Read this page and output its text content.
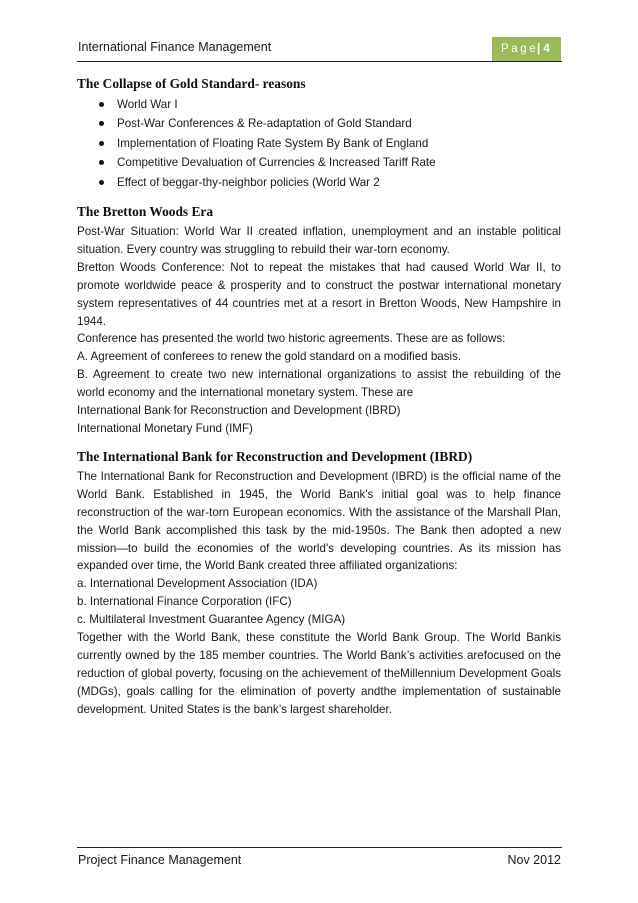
International Finance Management	Page
| 4
The Collapse of Gold Standard- reasons
World War I
Post-War Conferences & Re-adaptation of Gold Standard
Implementation of Floating Rate System By Bank of England
Competitive Devaluation of Currencies & Increased Tariff Rate
Effect of beggar-thy-neighbor policies (World War 2
The Bretton Woods Era

Post-War Situation: World War II created inflation, unemployment and an instable political situation. Every country was struggling to rebuild their war-torn economy.

Bretton Woods Conference: Not to repeat the mistakes that had caused World War II, to promote worldwide peace & prosperity and to construct the postwar international monetary system representatives of 44 countries met at a resort in Bretton Woods, New Hampshire in 1944.

Conference has presented the world two historic agreements. These are as follows:

A. Agreement of conferees to renew the gold standard on a modified basis.

B. Agreement to create two new international organizations to assist the rebuilding of the world economy and the international monetary system. These are

International Bank for Reconstruction and Development (IBRD)

International Monetary Fund (IMF)

The International Bank for Reconstruction and Development (IBRD)

The International Bank for Reconstruction and Development (IBRD) is the official name of the World Bank. Established in 1945, the World Bank's initial goal was to help finance reconstruction of the war-torn European economics. With the assistance of the Marshall Plan, the World Bank accomplished this task by the mid-1950s. The Bank then adopted a new mission—to build the economies of the world's developing countries. As its mission has expanded over time, the World Bank created three affiliated organizations:

a. International Development Association (IDA)

b. International Finance Corporation (IFC)

c. Multilateral Investment Guarantee Agency (MIGA)

Together with the World Bank, these constitute the World Bank Group. The World Bankis currently owned by the 185 member countries. The World Bank’s activities arefocused on the reduction of global poverty, focusing on the achievement of theMillennium Development Goals (MDGs), goals calling for the elimination of poverty andthe implementation of sustainable development. United States is the bank’s largest shareholder.

Project Finance Management	Nov 2012
